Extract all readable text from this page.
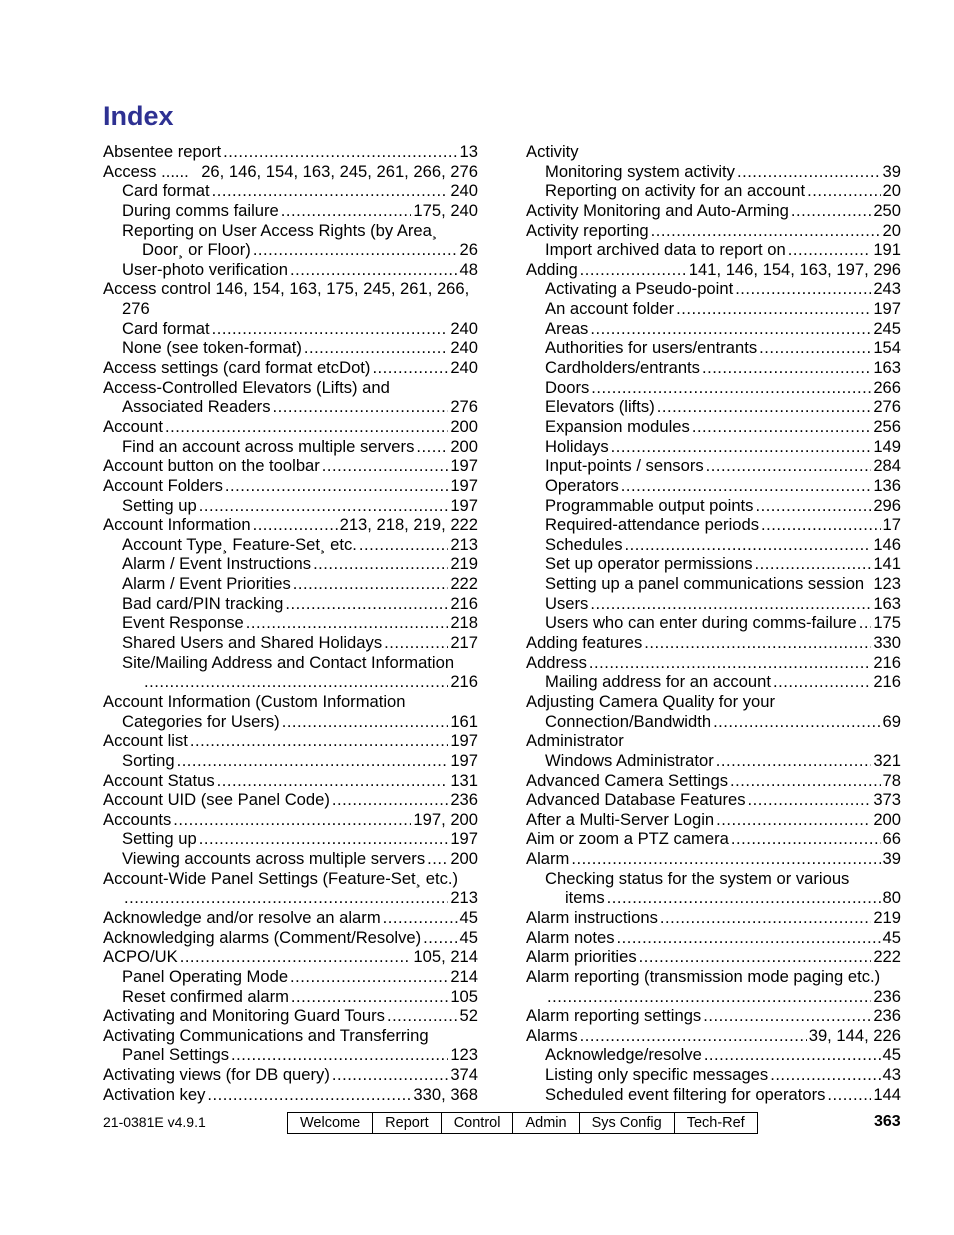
Index
Absentee report .....	13
Access ...... 26, 146, 154, 163, 245, 261, 266, 276
Card format .....	240
During comms failure .....	175, 240
Reporting on User Access Rights (by Area¸
Door¸ or Floor) .....	26
User-photo verification .....	48
Access control 146, 154, 163, 175, 245, 261, 266,
276
Card format .....	240
None (see token-format) .....	240
Access settings (card format etcDot) .....	240
Access-Controlled Elevators (Lifts) and
Associated Readers .....	276
Account .....	200
Find an account across multiple servers ..... 200
Account button on the toolbar .....	197
Account Folders .....	197
Setting up .....	197
Account Information .....	213, 218, 219, 222
Account Type¸ Feature-Set¸ etc. .....	213
Alarm / Event Instructions .....	219
Alarm / Event Priorities .....	222
Bad card/PIN tracking .....	216
Event Response .....	218
Shared Users and Shared Holidays .....	217
Site/Mailing Address and Contact Information
.....
216
Account Information (Custom Information
Categories for Users) .....	161
Account list .....	197
Sorting .....	197
Account Status .....	131
Account UID (see Panel Code) .....	236
Accounts .....	197, 200
Setting up .....	197
Viewing accounts across multiple servers ..... 200
Account-Wide Panel Settings (Feature-Set¸ etc.)
.....
213
Acknowledge and/or resolve an alarm .....	45
Acknowledging alarms (Comment/Resolve) ..... 45
ACPO/UK .....	105, 214
Panel Operating Mode .....	214
Reset confirmed alarm .....	105
Activating and Monitoring Guard Tours .....	52
Activating Communications and Transferring
Panel Settings .....	123
Activating views (for DB query) .....	374
Activation key .....	330, 368
Activity
Monitoring system activity .....	39
Reporting on activity for an account .....	20
Activity Monitoring and Auto-Arming .....	250
Activity reporting .....	20
Import archived data to report on .....	191
Adding .....	141, 146, 154, 163, 197, 296
Activating a Pseudo-point .....	243
An account folder .....	197
Areas .....	245
Authorities for users/entrants .....	154
Cardholders/entrants .....	163
Doors .....	266
Elevators (lifts) .....	276
Expansion modules .....	256
Holidays .....	149
Input-points / sensors .....	284
Operators .....	136
Programmable output points .....	296
Required-attendance periods .....	17
Schedules .....	146
Set up operator permissions .....	141
Setting up a panel communications session 123
Users .....	163
Users who can enter during comms-failure ..... 175
Adding features .....	330
Address .....	216
Mailing address for an account .....	216
Adjusting Camera Quality for your
Connection/Bandwidth .....	69
Administrator
Windows Administrator .....	321
Advanced Camera Settings .....	78
Advanced Database Features .....	373
After a Multi-Server Login .....	200
Aim or zoom a PTZ camera .....	66
Alarm .....	39
Checking status for the system or various
items .....	80
Alarm instructions .....	219
Alarm notes .....	45
Alarm priorities .....	222
Alarm reporting (transmission mode paging etc.)
.....
236
Alarm reporting settings .....	236
Alarms .....	39, 144, 226
Acknowledge/resolve .....	45
Listing only specific messages .....	43
Scheduled event filtering for operators .....	144
21-0381E v4.9.1	Welcome	Report	Control	Admin	Sys Config	Tech-Ref	363
